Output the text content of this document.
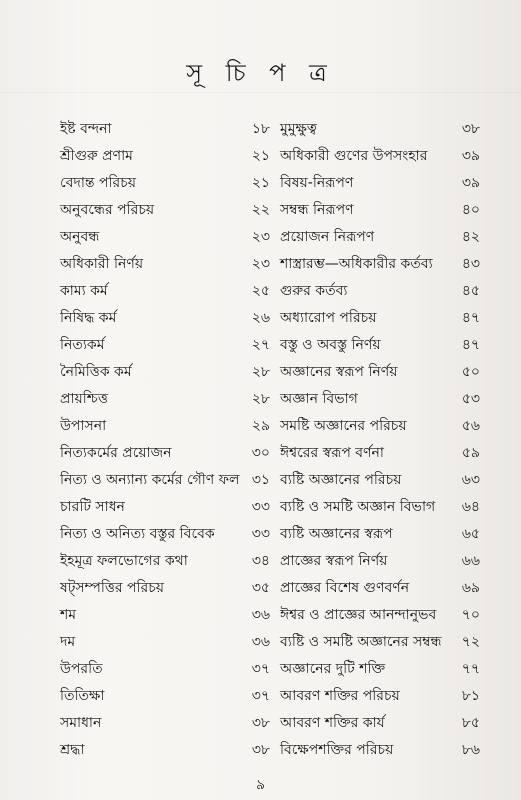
সূ চি প ত্র
ইষ্ট বন্দনা	১৮
শ্রীগুরু প্রণাম	২১
বেদান্ত পরিচয়	২১
অনুবন্ধের পরিচয়	২২
অনুবন্ধ	২৩
অধিকারী নির্ণয়	২৩
কাম্য কর্ম	২৫
নিষিদ্ধ কর্ম	২৬
নিত্যকর্ম	২৭
নৈমিত্তিক কর্ম	২৮
প্রায়শ্চিত্ত	২৮
উপাসনা	২৯
নিত্যকর্মের প্রয়োজন	৩০
নিত্য ও অন্যান্য কর্মের গৌণ ফল ৩১
চারটি সাধন	৩৩
নিত্য ও অনিত্য বস্তুর বিবেক	৩৩
ইহমূত্র ফলভোগের কথা	৩৪
ষট্‌সম্পত্তির পরিচয়	৩৫
শম	৩৬
দম	৩৬
উপরতি	৩৭
তিতিক্ষা	৩৭
সমাধান	৩৮
শ্রদ্ধা	৩৮
মুমুক্ষুত্ব	৩৮
অধিকারী গুণের উপসংহার ৩৯
বিষয়-নিরূপণ	৩৯
সম্বন্ধ নিরূপণ	৪০
প্রয়োজন নিরূপণ	৪২
শাস্ত্রারম্ভ—অধিকারীর কর্তব্য ৪৩
গুরুর কর্তব্য	৪৫
অধ্যারোপ পরিচয়	৪৭
বস্তু ও অবস্তু নির্ণয়	৪৭
অজ্ঞানের স্বরূপ নির্ণয়	৫০
অজ্ঞান বিভাগ	৫৩
সমষ্টি অজ্ঞানের পরিচয়	৫৬
ঈশ্বরের স্বরূপ বর্ণনা	৫৯
ব্যষ্টি অজ্ঞানের পরিচয়	৬৩
ব্যষ্টি ও সমষ্টি অজ্ঞান বিভাগ ৬৪
ব্যষ্টি অজ্ঞানের স্বরূপ	৬৫
প্রাজ্ঞের স্বরূপ নির্ণয়	৬৬
প্রাজ্ঞের বিশেষ গুণবর্ণন	৬৯
ঈশ্বর ও প্রাজ্ঞের আনন্দানুভব ৭০
ব্যষ্টি ও সমষ্টি অজ্ঞানের সম্বন্ধ ৭২
অজ্ঞানের দুটি শক্তি	৭৭
আবরণ শক্তির পরিচয়	৮১
আবরণ শক্তির কার্য	৮৫
বিক্ষেপশক্তির পরিচয়	৮৬
৯
